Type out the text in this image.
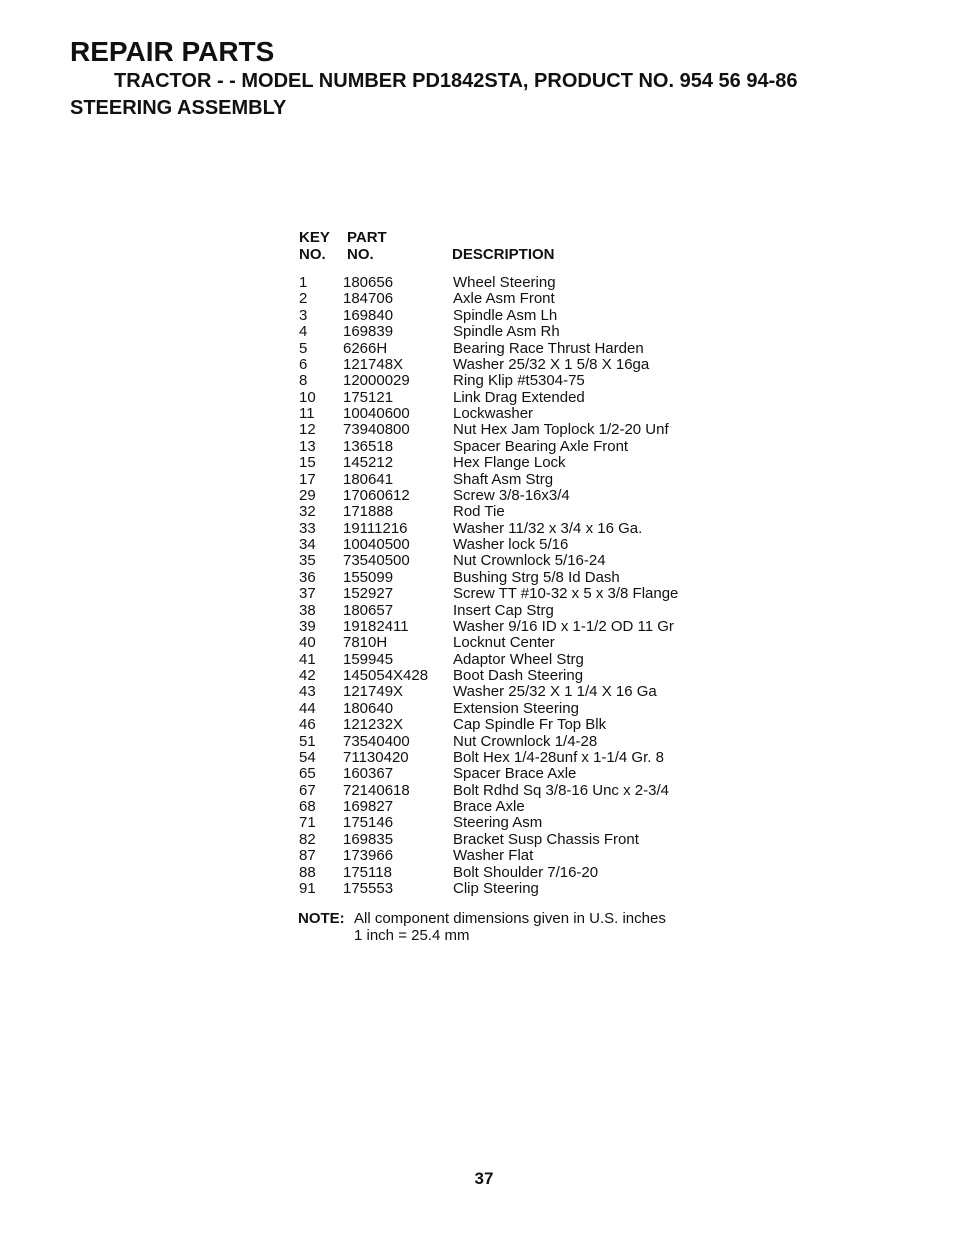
REPAIR PARTS
TRACTOR - - MODEL NUMBER PD1842STA, PRODUCT NO. 954 56 94-86
STEERING ASSEMBLY
KEY
NO.
PART
NO.	DESCRIPTION
1 180656	Wheel Steering
2 184706	Axle Asm Front
3 169840	Spindle Asm Lh
4 169839	Spindle Asm Rh
5 6266H	Bearing Race Thrust Harden
6 121748X	Washer 25/32 X 1 5/8 X 16ga
8 12000029	Ring Klip #t5304-75
10 175121	Link Drag Extended
11 10040600	Lockwasher
12 73940800	Nut Hex Jam Toplock 1/2-20 Unf
13 136518	Spacer Bearing Axle Front
15 145212	Hex Flange Lock
17 180641	Shaft Asm Strg
29 17060612	Screw 3/8-16x3/4
32 171888	Rod Tie
33 19111216	Washer 11/32 x 3/4 x 16 Ga.
34 10040500	Washer lock 5/16
35 73540500	Nut Crownlock 5/16-24
36 155099	Bushing Strg 5/8 Id Dash
37 152927	Screw TT #10-32 x 5 x 3/8 Flange
38 180657	Insert Cap Strg
39 19182411	Washer 9/16 ID x 1-1/2 OD 11 Gr
40 7810H	Locknut Center
41 159945	Adaptor Wheel Strg
42 145054X428 Boot Dash Steering
43 121749X	Washer 25/32 X 1 1/4 X 16 Ga
44 180640	Extension Steering
46 121232X	Cap Spindle Fr Top Blk
51 73540400	Nut Crownlock 1/4-28
54 71130420	Bolt Hex 1/4-28unf x 1-1/4 Gr. 8
65 160367	Spacer Brace Axle
67 72140618	Bolt Rdhd Sq 3/8-16 Unc x 2-3/4
68 169827	Brace Axle
71 175146	Steering Asm
82 169835	Bracket Susp Chassis Front
87 173966	Washer Flat
88 175118	Bolt Shoulder 7/16-20
91 175553	Clip Steering
NOTE: All component dimensions given in U.S. inches
1 inch = 25.4 mm
37
